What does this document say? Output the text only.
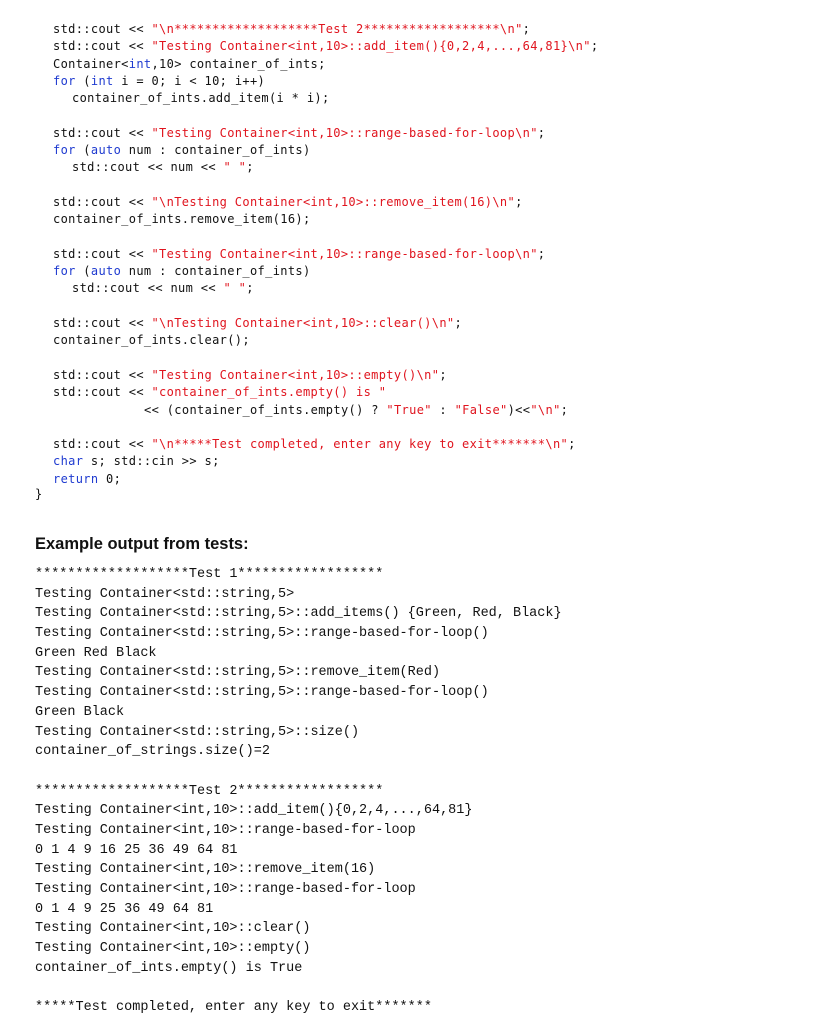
std::cout << "\n*******************Test 2******************\n";
std::cout << "Testing Container<int,10>::add_item(){0,2,4,...,64,81}\n";
Container<int,10> container_of_ints;
for (int i = 0; i < 10; i++)
container_of_ints.add_item(i * i);
std::cout << "Testing Container<int,10>::range-based-for-loop\n";
for (auto num : container_of_ints)
std::cout << num << " ";
std::cout << "\nTesting Container<int,10>::remove_item(16)\n";
container_of_ints.remove_item(16);
std::cout << "Testing Container<int,10>::range-based-for-loop\n";
for (auto num : container_of_ints)
std::cout << num << " ";
std::cout << "\nTesting Container<int,10>::clear()\n";
container_of_ints.clear();
std::cout << "Testing Container<int,10>::empty()\n";
std::cout << "container_of_ints.empty() is "
<< (container_of_ints.empty() ? "True" : "False")<<"\n";
std::cout << "\n*****Test completed, enter any key to exit*******\n";
char s; std::cin >> s;
return 0;
}
Example output from tests:
*******************Test 1******************
Testing Container<std::string,5>
Testing Container<std::string,5>::add_items() {Green, Red, Black}
Testing Container<std::string,5>::range-based-for-loop()
Green Red Black
Testing Container<std::string,5>::remove_item(Red)
Testing Container<std::string,5>::range-based-for-loop()
Green Black
Testing Container<std::string,5>::size()
container_of_strings.size()=2
*******************Test 2******************
Testing Container<int,10>::add_item(){0,2,4,...,64,81}
Testing Container<int,10>::range-based-for-loop
0 1 4 9 16 25 36 49 64 81
Testing Container<int,10>::remove_item(16)
Testing Container<int,10>::range-based-for-loop
0 1 4 9 25 36 49 64 81
Testing Container<int,10>::clear()
Testing Container<int,10>::empty()
container_of_ints.empty() is True
*****Test completed, enter any key to exit*******
